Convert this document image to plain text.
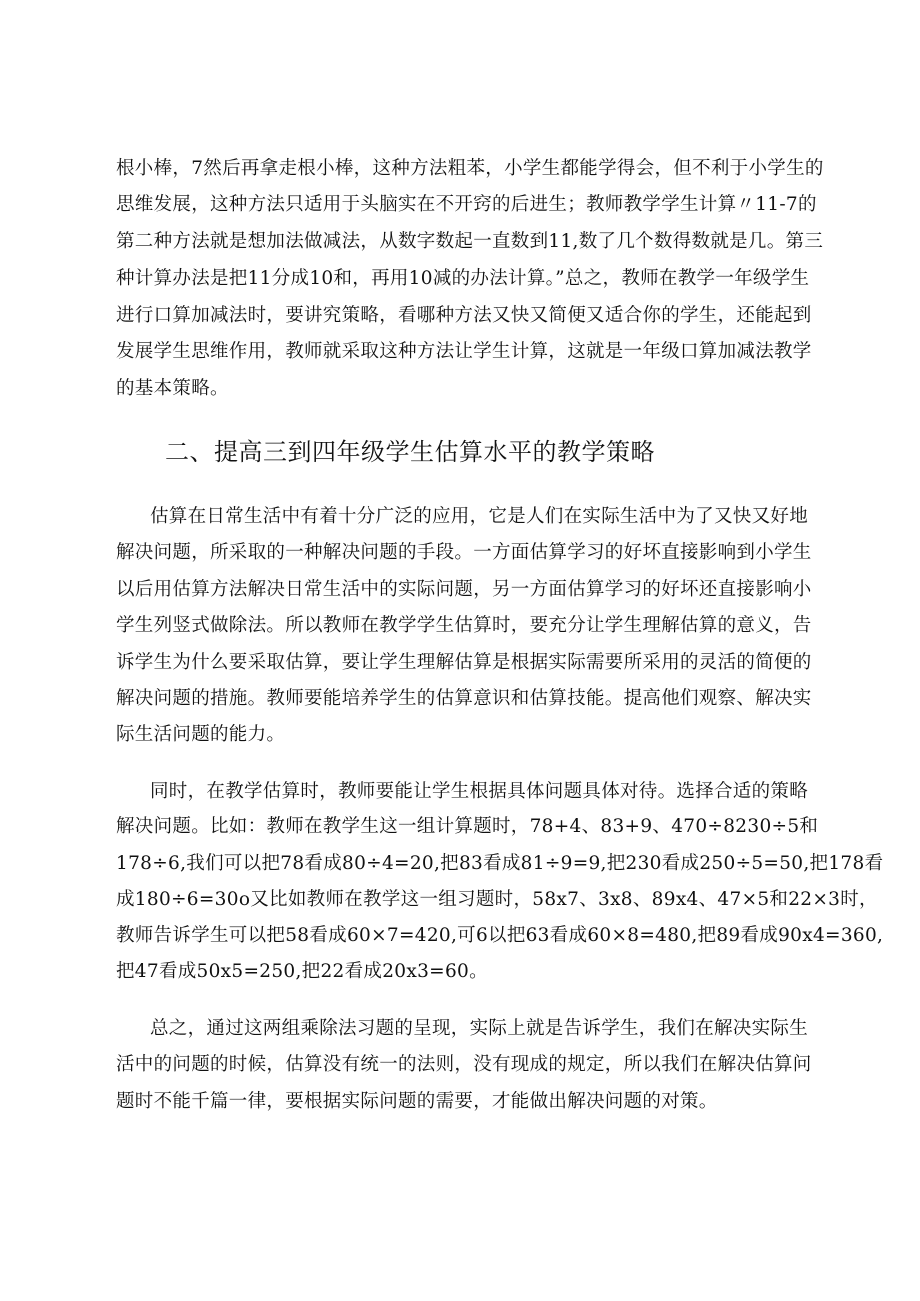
根小棒，7然后再拿走根小棒，这种方法粗苯，小学生都能学得会，但不利于小学生的
思维发展，这种方法只适用于头脑实在不开窍的后进生；教师教学学生计算〃11-7的
第二种方法就是想加法做减法，从数字数起一直数到11,数了几个数得数就是几。第三
种计算办法是把11分成10和，再用10减的办法计算。”总之，教师在教学一年级学生
进行口算加减法时，要讲究策略，看哪种方法又快又简便又适合你的学生，还能起到
发展学生思维作用，教师就采取这种方法让学生计算，这就是一年级口算加减法教学
的基本策略。
二、提高三到四年级学生估算水平的教学策略
估算在日常生活中有着十分广泛的应用，它是人们在实际生活中为了又快又好地
解决问题，所采取的一种解决问题的手段。一方面估算学习的好坏直接影响到小学生
以后用估算方法解决日常生活中的实际问题，另一方面估算学习的好坏还直接影响小
学生列竖式做除法。所以教师在教学学生估算时，要充分让学生理解估算的意义，告
诉学生为什么要采取估算，要让学生理解估算是根据实际需要所采用的灵活的简便的
解决问题的措施。教师要能培养学生的估算意识和估算技能。提高他们观察、解决实
际生活问题的能力。
同时，在教学估算时，教师要能让学生根据具体问题具体对待。选择合适的策略
解决问题。比如：教师在教学生这一组计算题时，78+4、83+9、470÷8230÷5和
178÷6,我们可以把78看成80÷4=20,把83看成81÷9=9,把230看成250÷5=50,把178看
成180÷6=30o又比如教师在教学这一组习题时，58x7、3x8、89x4、47×5和22×3时，
教师告诉学生可以把58看成60×7=420,可6以把63看成60×8=480,把89看成90x4=360,
把47看成50x5=250,把22看成20x3=60。
总之，通过这两组乘除法习题的呈现，实际上就是告诉学生，我们在解决实际生
活中的问题的时候，估算没有统一的法则，没有现成的规定，所以我们在解决估算问
题时不能千篇一律，要根据实际问题的需要，才能做出解决问题的对策。
